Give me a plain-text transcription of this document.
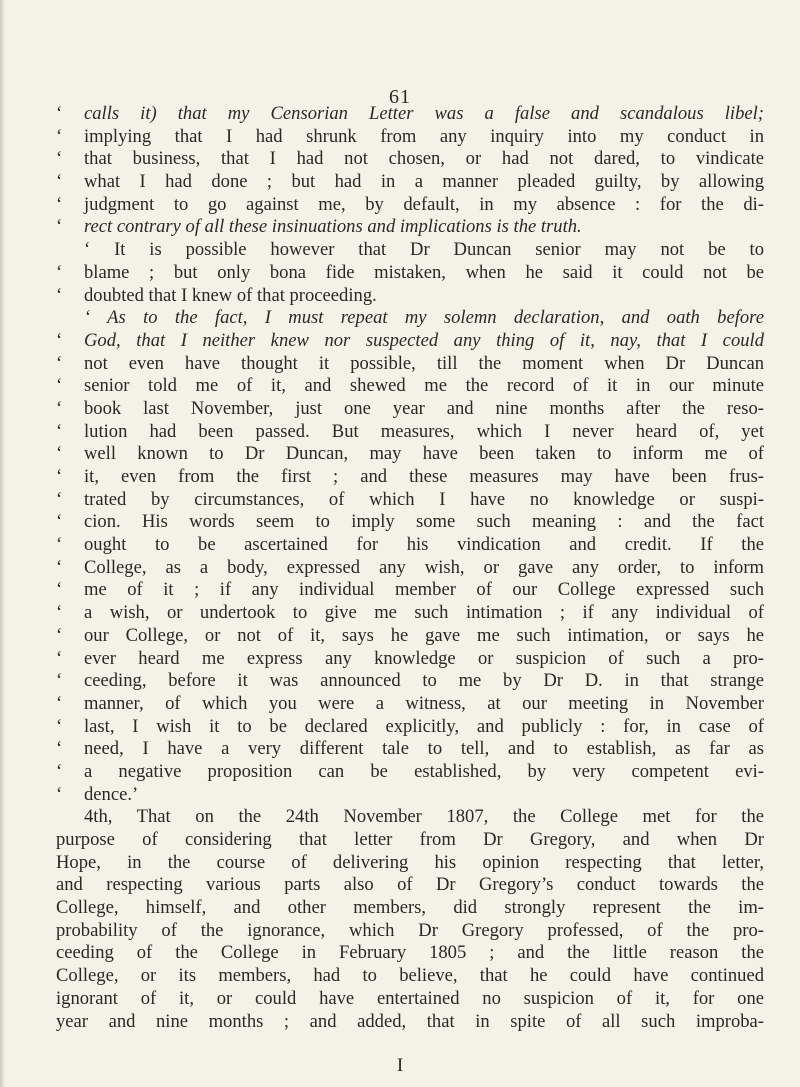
61
‘	calls it) that my Censorian Letter was a false and scandalous libel;
‘	implying that I had shrunk from any inquiry into my conduct in
‘	that business, that I had not chosen, or had not dared, to vindicate
‘	what I had done ; but had in a manner pleaded guilty, by allowing
‘	judgment to go against me, by default, in my absence : for the di-
‘	rect contrary of all these insinuations and implications is the truth.
‘ It is possible however that Dr Duncan senior may not be to
‘	blame ; but only bona fide mistaken, when he said it could not be
‘	doubted that I knew of that proceeding.
‘ As to the fact, I must repeat my solemn declaration, and oath before
‘	God, that I neither knew nor suspected any thing of it, nay, that I could
‘	not even have thought it possible, till the moment when Dr Duncan
‘	senior told me of it, and shewed me the record of it in our minute
‘	book last November, just one year and nine months after the reso-
‘	lution had been passed. But measures, which I never heard of, yet
‘	well known to Dr Duncan, may have been taken to inform me of
‘	it, even from the first ; and these measures may have been frus-
‘	trated by circumstances, of which I have no knowledge or suspi-
‘	cion. His words seem to imply some such meaning : and the fact
‘	ought to be ascertained for his vindication and credit. If the
‘	College, as a body, expressed any wish, or gave any order, to inform
‘	me of it ; if any individual member of our College expressed such
‘	a wish, or undertook to give me such intimation ; if any individual of
‘	our College, or not of it, says he gave me such intimation, or says he
‘	ever heard me express any knowledge or suspicion of such a pro-
‘	ceeding, before it was announced to me by Dr D. in that strange
‘	manner, of which you were a witness, at our meeting in November
‘	last, I wish it to be declared explicitly, and publicly : for, in case of
‘	need, I have a very different tale to tell, and to establish, as far as
‘	a negative proposition can be established, by very competent evi-
‘	dence.’
4th, That on the 24th November 1807, the College met for the
purpose of considering that letter from Dr Gregory, and when Dr
Hope, in the course of delivering his opinion respecting that letter,
and respecting various parts also of Dr Gregory’s conduct towards the
College, himself, and other members, did strongly represent the im-
probability of the ignorance, which Dr Gregory professed, of the pro-
ceeding of the College in February 1805 ; and the little reason the
College, or its members, had to believe, that he could have continued
ignorant of it, or could have entertained no suspicion of it, for one
year and nine months ; and added, that in spite of all such improba-
I
